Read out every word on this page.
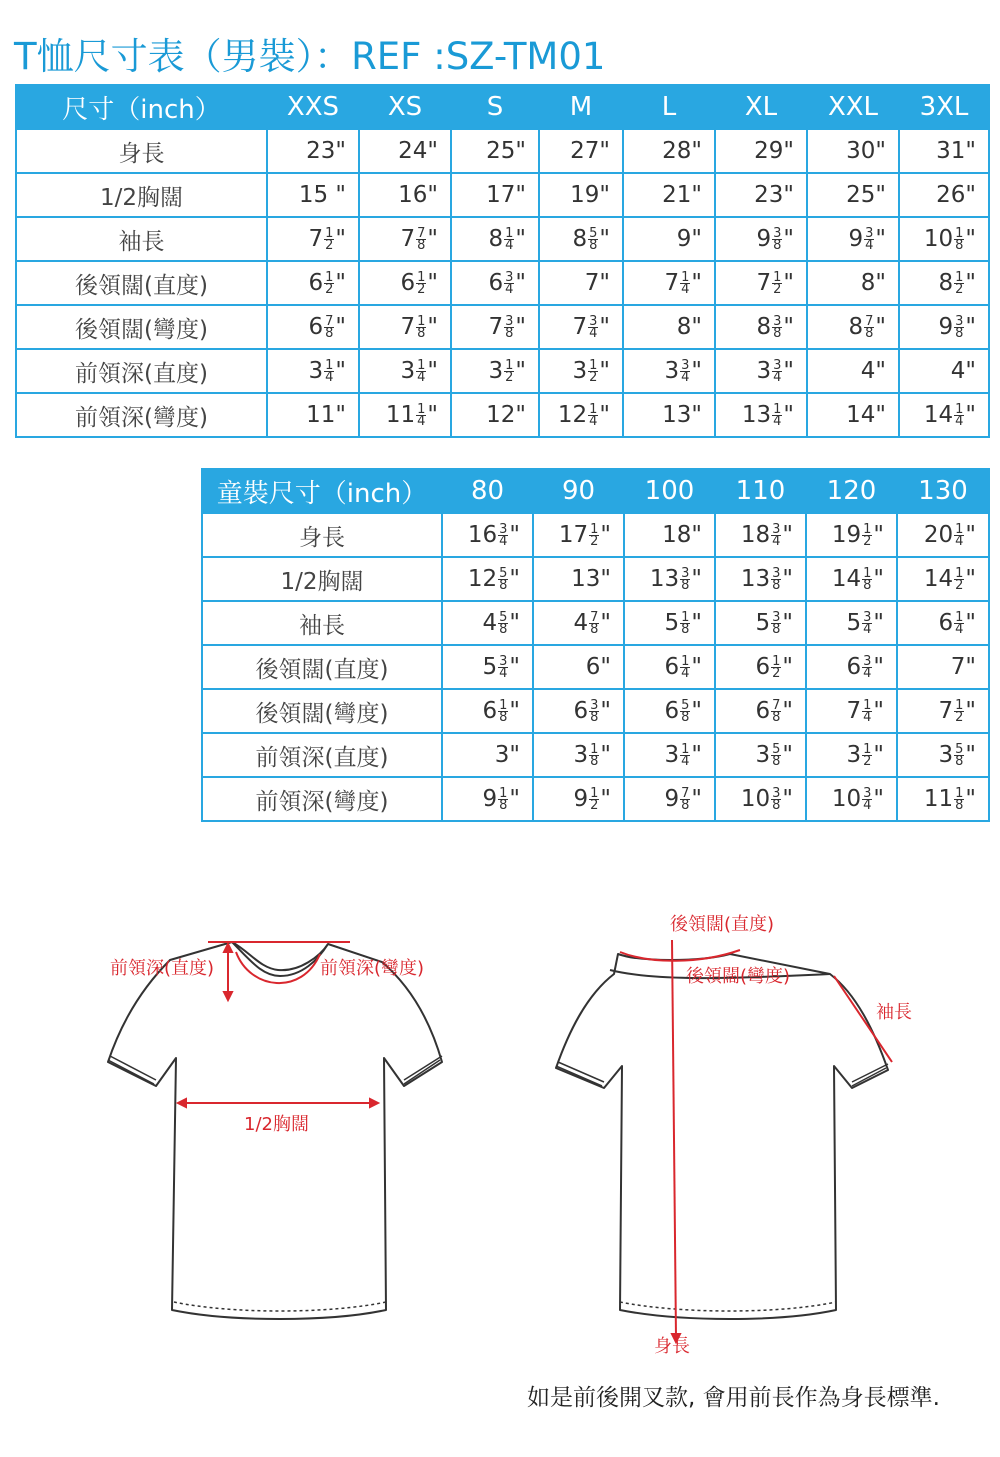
T恤尺寸表（男裝）：REF :SZ-TM01
尺寸（inch）	XXS	XS	S	M	L	XL	XXL	3XL
身長	23"	24"	25"	27"	28"	29"	30"	31"
1/2胸闊	15 "	16"	17"	19"	21"	23"	25"	26"
袖長	$7 \frac{1}{2}$ "	$7 \frac{7}{8}$ "	$8 \frac{1}{4}$ "	$8 \frac{5}{8}$ "	9"	$9 \frac{3}{8}$ "	$9 \frac{3}{4}$ "	$10 \frac{1}{8}$ "
後領闊(直度)	$6 \frac{1}{2}$ "	$6 \frac{1}{2}$ "	$6 \frac{3}{4}$ "	7"	$7 \frac{1}{4}$ "	$7 \frac{1}{2}$ "	8"	$8 \frac{1}{2}$ "
後領闊(彎度)	$6 \frac{7}{8}$ "	$7 \frac{1}{8}$ "	$7 \frac{3}{8}$ "	$7 \frac{3}{4}$ "	8"	$8 \frac{3}{8}$ "	$8 \frac{7}{8}$ "	$9 \frac{3}{8}$ "
前領深(直度)	$3 \frac{1}{4}$ "	$3 \frac{1}{4}$ "	$3 \frac{1}{2}$ "	$3 \frac{1}{2}$ "	$3 \frac{3}{4}$ "	$3 \frac{3}{4}$ "	4"	4"
前領深(彎度)	11"	$11 \frac{1}{4}$ "	12"	$12 \frac{1}{4}$ "	13"	$13 \frac{1}{4}$ "	14"	$14 \frac{1}{4}$ "
童裝尺寸（inch）	80	90	100	110	120	130
身長	$16 \frac{3}{4}$ "	$17 \frac{1}{2}$ "	18"	$18 \frac{3}{4}$ "	$19 \frac{1}{2}$ "	$20 \frac{1}{4}$ "
1/2胸闊	$12 \frac{5}{8}$ "	13"	$13 \frac{3}{8}$ "	$13 \frac{3}{8}$ "	$14 \frac{1}{8}$ "	$14 \frac{1}{2}$ "
袖長	$4 \frac{5}{8}$ "	$4 \frac{7}{8}$ "	$5 \frac{1}{8}$ "	$5 \frac{3}{8}$ "	$5 \frac{3}{4}$ "	$6 \frac{1}{4}$ "
後領闊(直度)	$5 \frac{3}{4}$ "	6"	$6 \frac{1}{4}$ "	$6 \frac{1}{2}$ "	$6 \frac{3}{4}$ "	7"
後領闊(彎度)	$6 \frac{1}{8}$ "	$6 \frac{3}{8}$ "	$6 \frac{5}{8}$ "	$6 \frac{7}{8}$ "	$7 \frac{1}{4}$ "	$7 \frac{1}{2}$ "
前領深(直度)	3"	$3 \frac{1}{8}$ "	$3 \frac{1}{4}$ "	$3 \frac{5}{8}$ "	$3 \frac{1}{2}$ "	$3 \frac{5}{8}$ "
前領深(彎度)	$9 \frac{1}{8}$ "	$9 \frac{1}{2}$ "	$9 \frac{7}{8}$ "	$10 \frac{3}{8}$ "	$10 \frac{3}{4}$ "	$11 \frac{1}{8}$ "
前領深(直度)	前領深(彎度)
1/2胸闊
後領闊(直度)
後領闊(彎度)
袖長
身長
如是前後開叉款, 會用前長作為身長標準.
